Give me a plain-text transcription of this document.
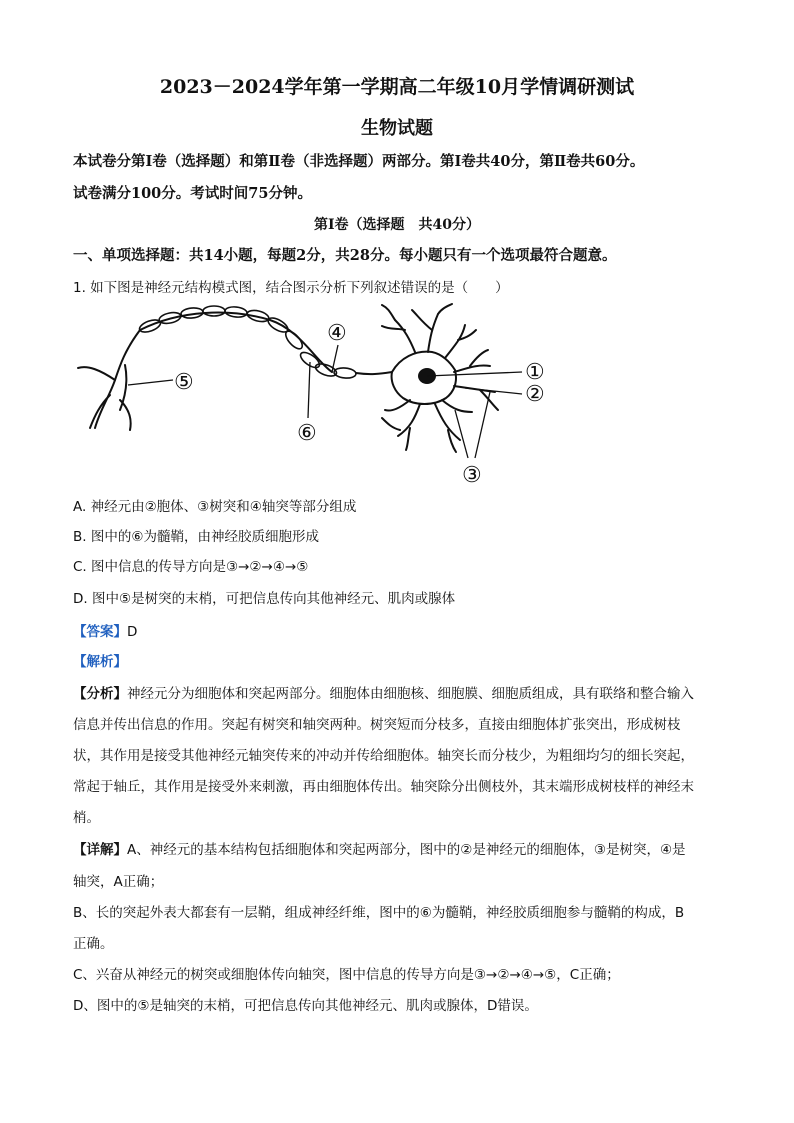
2023－2024学年第一学期高二年级10月学情调研测试
生物试题
本试卷分第Ⅰ卷（选择题）和第Ⅱ卷（非选择题）两部分。第Ⅰ卷共40分，第Ⅱ卷共60分。
试卷满分100分。考试时间75分钟。
第Ⅰ卷（选择题　共40分）
一、单项选择题：共14小题，每题2分，共28分。每小题只有一个选项最符合题意。
1. 如下图是神经元结构模式图，结合图示分析下列叙述错误的是（　　）
①
②
③
④
⑤
⑥
A. 神经元由②胞体、③树突和④轴突等部分组成
B. 图中的⑥为髓鞘，由神经胶质细胞形成
C. 图中信息的传导方向是③→②→④→⑤
D. 图中⑤是树突的末梢，可把信息传向其他神经元、肌肉或腺体
【答案】D
【解析】
【分析】神经元分为细胞体和突起两部分。细胞体由细胞核、细胞膜、细胞质组成，具有联络和整合输入
信息并传出信息的作用。突起有树突和轴突两种。树突短而分枝多，直接由细胞体扩张突出，形成树枝
状，其作用是接受其他神经元轴突传来的冲动并传给细胞体。轴突长而分枝少，为粗细均匀的细长突起，
常起于轴丘，其作用是接受外来刺激，再由细胞体传出。轴突除分出侧枝外，其末端形成树枝样的神经末
梢。
【详解】A、神经元的基本结构包括细胞体和突起两部分，图中的②是神经元的细胞体，③是树突，④是
轴突，A正确；
B、长的突起外表大都套有一层鞘，组成神经纤维，图中的⑥为髓鞘，神经胶质细胞参与髓鞘的构成，B
正确。
C、兴奋从神经元的树突或细胞体传向轴突，图中信息的传导方向是③→②→④→⑤，C正确；
D、图中的⑤是轴突的末梢，可把信息传向其他神经元、肌肉或腺体，D错误。
